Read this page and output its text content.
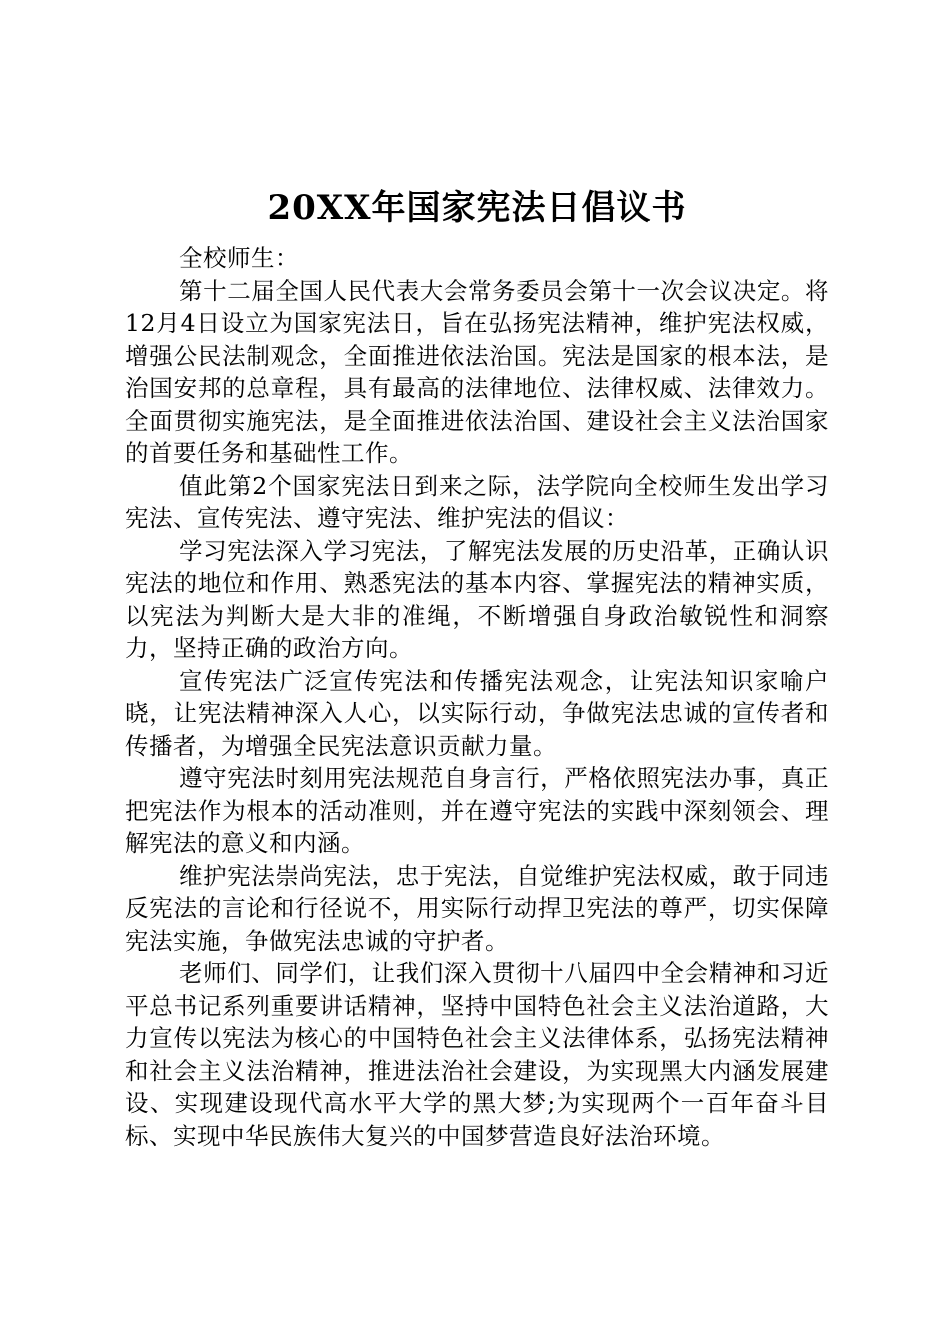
20XX年国家宪法日倡议书

全校师生：

第十二届全国人民代表大会常务委员会第十一次会议决定。将12月4日设立为国家宪法日，旨在弘扬宪法精神，维护宪法权威，增强公民法制观念，全面推进依法治国。宪法是国家的根本法，是治国安邦的总章程，具有最高的法律地位、法律权威、法律效力。全面贯彻实施宪法，是全面推进依法治国、建设社会主义法治国家的首要任务和基础性工作。

值此第2个国家宪法日到来之际，法学院向全校师生发出学习宪法、宣传宪法、遵守宪法、维护宪法的倡议：

学习宪法深入学习宪法，了解宪法发展的历史沿革，正确认识宪法的地位和作用、熟悉宪法的基本内容、掌握宪法的精神实质，以宪法为判断大是大非的准绳，不断增强自身政治敏锐性和洞察力，坚持正确的政治方向。

宣传宪法广泛宣传宪法和传播宪法观念，让宪法知识家喻户晓，让宪法精神深入人心，以实际行动，争做宪法忠诚的宣传者和传播者，为增强全民宪法意识贡献力量。

遵守宪法时刻用宪法规范自身言行，严格依照宪法办事，真正把宪法作为根本的活动准则，并在遵守宪法的实践中深刻领会、理解宪法的意义和内涵。

维护宪法崇尚宪法，忠于宪法，自觉维护宪法权威，敢于同违反宪法的言论和行径说不，用实际行动捍卫宪法的尊严，切实保障宪法实施，争做宪法忠诚的守护者。

老师们、同学们，让我们深入贯彻十八届四中全会精神和习近平总书记系列重要讲话精神，坚持中国特色社会主义法治道路，大力宣传以宪法为核心的中国特色社会主义法律体系，弘扬宪法精神和社会主义法治精神，推进法治社会建设，为实现黑大内涵发展建设、实现建设现代高水平大学的黑大梦;为实现两个一百年奋斗目标、实现中华民族伟大复兴的中国梦营造良好法治环境。
